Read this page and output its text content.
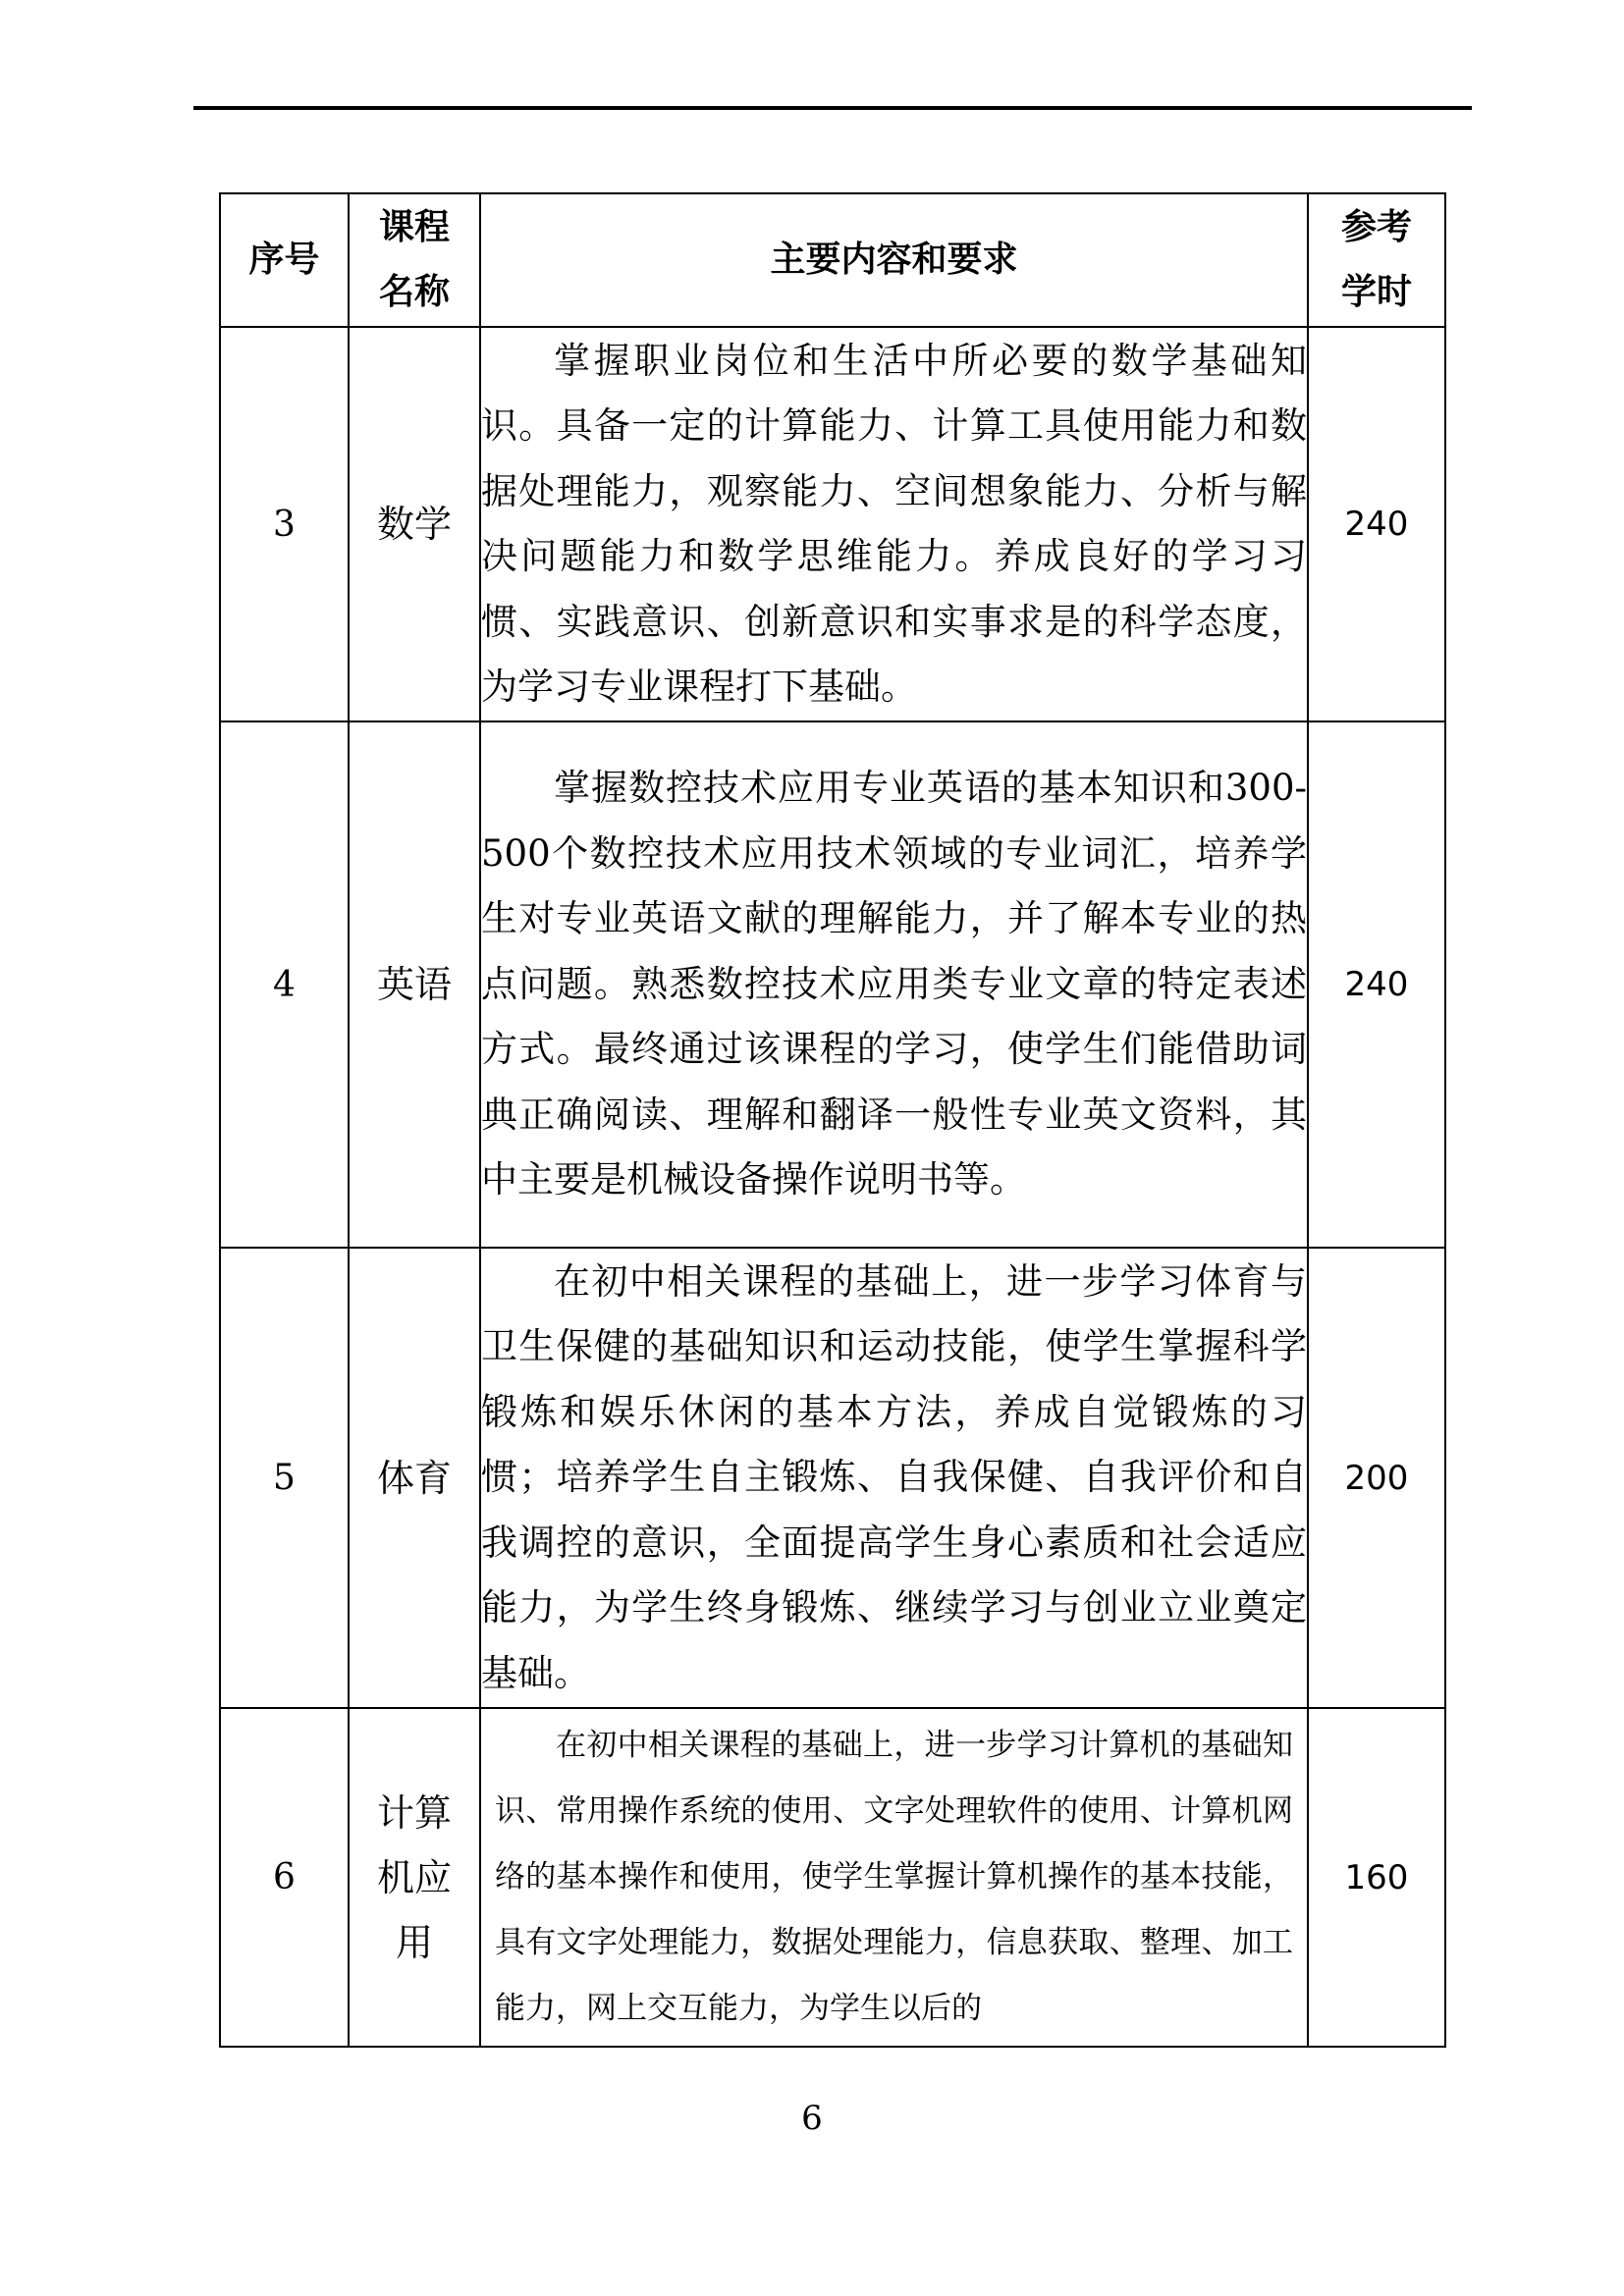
序号	课程名称	主要内容和要求	参考学时

3	数学	掌握职业岗位和生活中所必要的数学基础知识。具备一定的计算能力、计算工具使用能力和数据处理能力，观察能力、空间想象能力、分析与解决问题能力和数学思维能力。养成良好的学习习惯、实践意识、创新意识和实事求是的科学态度，为学习专业课程打下基础。	240
4	英语	掌握数控技术应用专业英语的基本知识和300-500个数控技术应用技术领域的专业词汇，培养学生对专业英语文献的理解能力，并了解本专业的热点问题。熟悉数控技术应用类专业文章的特定表述方式。最终通过该课程的学习，使学生们能借助词典正确阅读、理解和翻译一般性专业英文资料，其中主要是机械设备操作说明书等。	240
5	体育	在初中相关课程的基础上，进一步学习体育与卫生保健的基础知识和运动技能，使学生掌握科学锻炼和娱乐休闲的基本方法，养成自觉锻炼的习惯；培养学生自主锻炼、自我保健、自我评价和自我调控的意识，全面提高学生身心素质和社会适应能力，为学生终身锻炼、继续学习与创业立业奠定基础。	200
6	计算机应用	在初中相关课程的基础上，进一步学习计算机的基础知识、常用操作系统的使用、文字处理软件的使用、计算机网络的基本操作和使用，使学生掌握计算机操作的基本技能，具有文字处理能力，数据处理能力，信息获取、整理、加工能力，网上交互能力，为学生以后的	160
6
